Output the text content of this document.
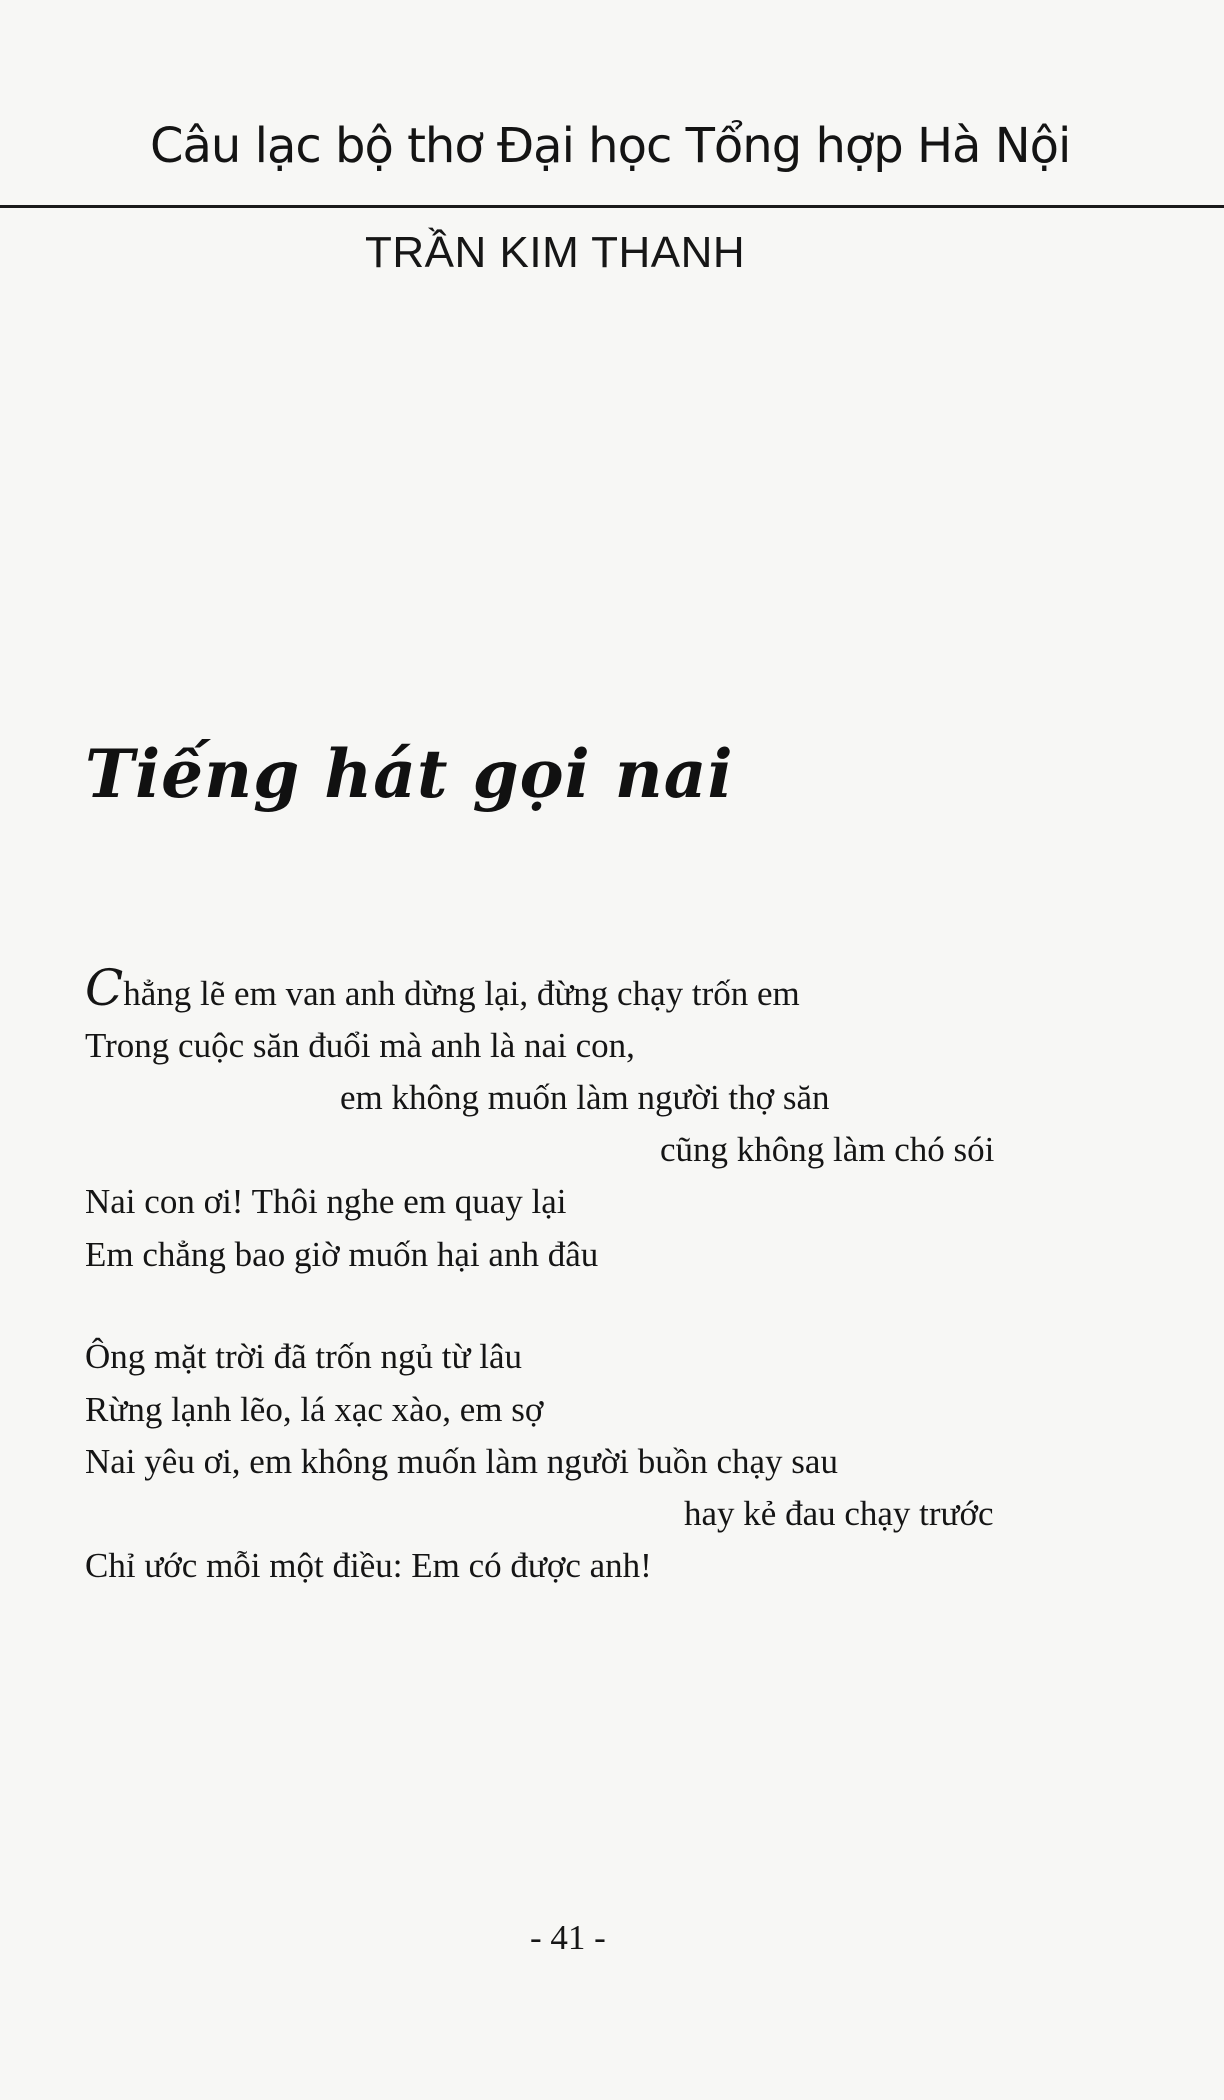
Câu lạc bộ thơ Đại học Tổng hợp Hà Nội
TRẦN KIM THANH
Tiếng hát gọi nai
Chẳng lẽ em van anh dừng lại, đừng chạy trốn em
Trong cuộc săn đuổi mà anh là nai con,
em không muốn làm người thợ săn
cũng không làm chó sói
Nai con ơi! Thôi nghe em quay lại
Em chẳng bao giờ muốn hại anh đâu
Ông mặt trời đã trốn ngủ từ lâu
Rừng lạnh lẽo, lá xạc xào, em sợ
Nai yêu ơi, em không muốn làm người buồn chạy sau
hay kẻ đau chạy trước
Chỉ ước mỗi một điều: Em có được anh!
- 41 -
